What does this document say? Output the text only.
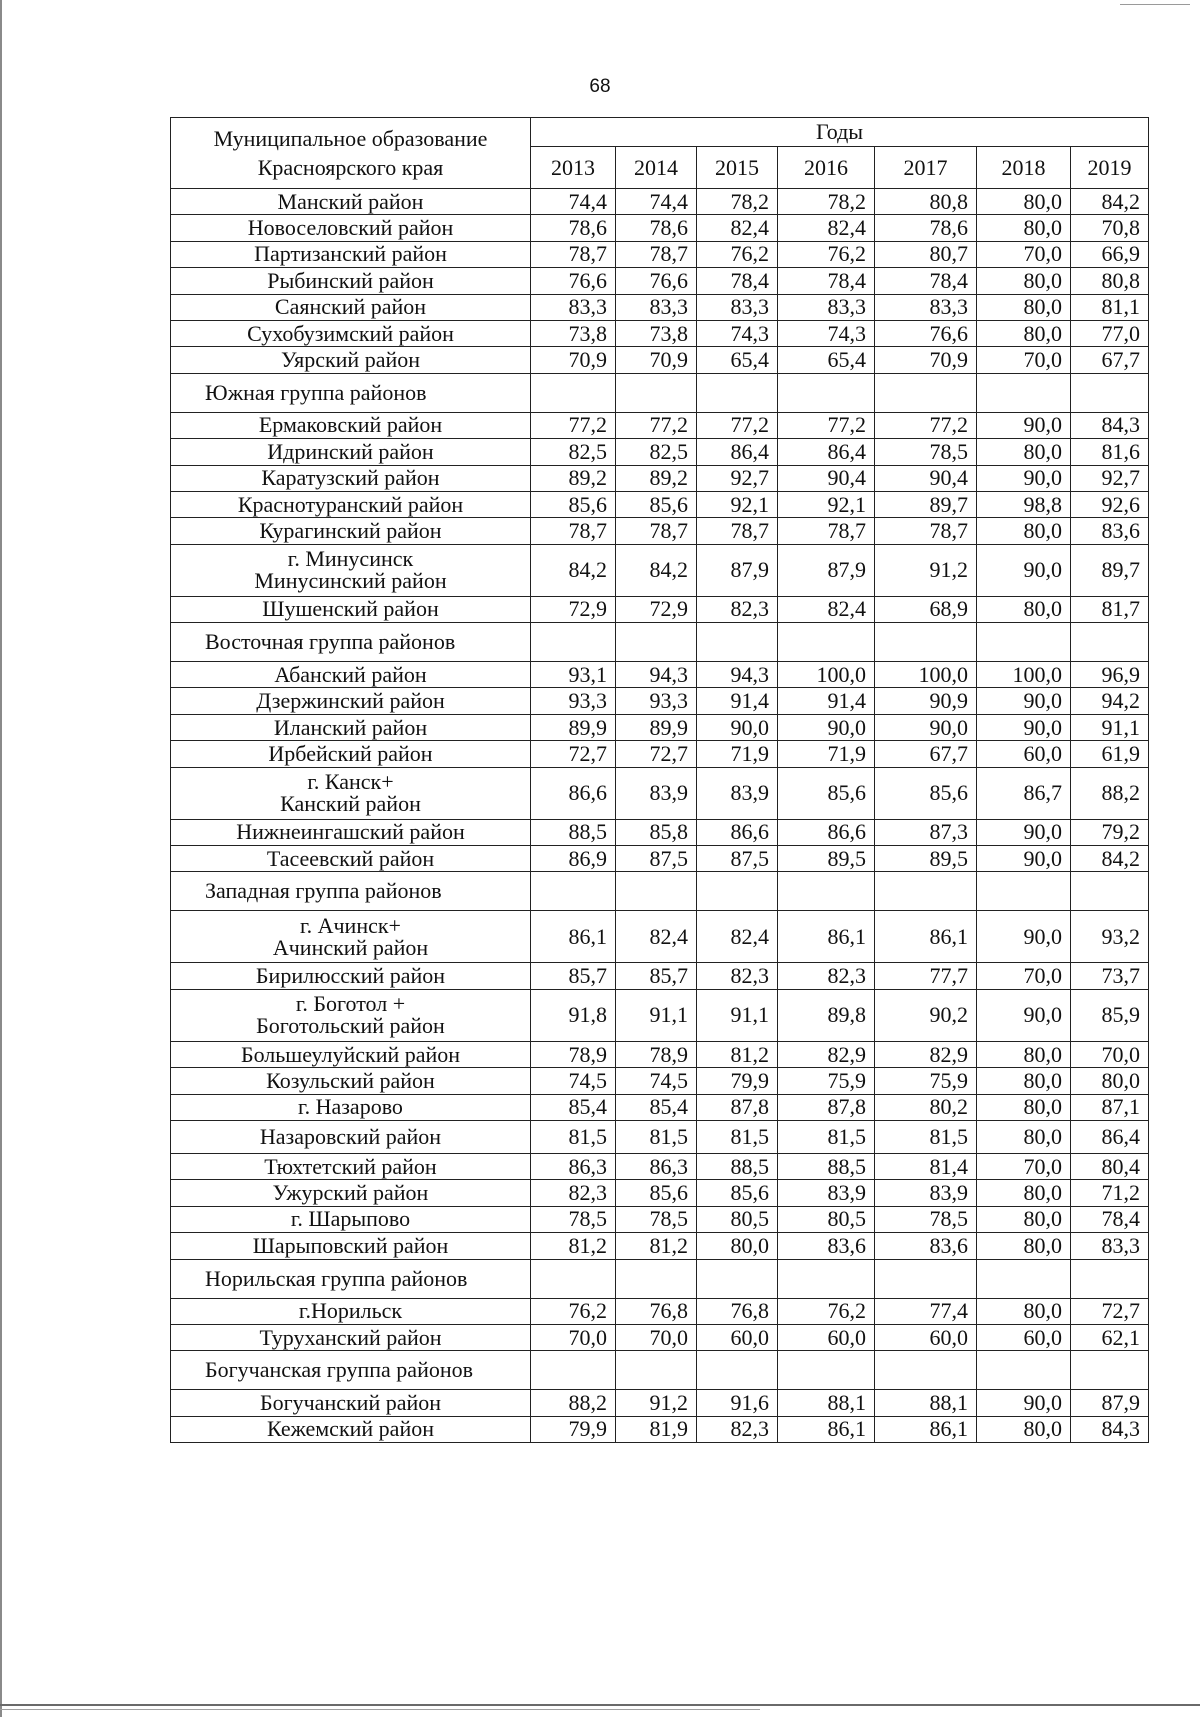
68
Муниципальное образование
Красноярского края	Годы						
	2013	2014	2015	2016	2017	2018	2019

Манский район	74,4	74,4	78,2	78,2	80,8	80,0	84,2

Новоселовский район	78,6	78,6	82,4	82,4	78,6	80,0	70,8

Партизанский район	78,7	78,7	76,2	76,2	80,7	70,0	66,9

Рыбинский район	76,6	76,6	78,4	78,4	78,4	80,0	80,8

Саянский район	83,3	83,3	83,3	83,3	83,3	80,0	81,1

Сухобузимский район	73,8	73,8	74,3	74,3	76,6	80,0	77,0

Уярский район	70,9	70,9	65,4	65,4	70,9	70,0	67,7
Южная группа районов							

Ермаковский район	77,2	77,2	77,2	77,2	77,2	90,0	84,3

Идринский район	82,5	82,5	86,4	86,4	78,5	80,0	81,6

Каратузский район	89,2	89,2	92,7	90,4	90,4	90,0	92,7

Краснотуранский район	85,6	85,6	92,1	92,1	89,7	98,8	92,6

Курагинский район	78,7	78,7	78,7	78,7	78,7	80,0	83,6

г. Минусинск
Минусинский район	84,2	84,2	87,9	87,9	91,2	90,0	89,7

Шушенский район	72,9	72,9	82,3	82,4	68,9	80,0	81,7
Восточная группа районов							

Абанский район	93,1	94,3	94,3	100,0	100,0	100,0	96,9

Дзержинский район	93,3	93,3	91,4	91,4	90,9	90,0	94,2

Иланский район	89,9	89,9	90,0	90,0	90,0	90,0	91,1

Ирбейский район	72,7	72,7	71,9	71,9	67,7	60,0	61,9

г. Канск+
Канский район	86,6	83,9	83,9	85,6	85,6	86,7	88,2

Нижнеингашский район	88,5	85,8	86,6	86,6	87,3	90,0	79,2

Тасеевский район	86,9	87,5	87,5	89,5	89,5	90,0	84,2
Западная группа районов							

г. Ачинск+
Ачинский район	86,1	82,4	82,4	86,1	86,1	90,0	93,2

Бирилюсский район	85,7	85,7	82,3	82,3	77,7	70,0	73,7

г. Боготол +
Боготольский район	91,8	91,1	91,1	89,8	90,2	90,0	85,9

Большеулуйский район	78,9	78,9	81,2	82,9	82,9	80,0	70,0

Козульский район	74,5	74,5	79,9	75,9	75,9	80,0	80,0

г. Назарово	85,4	85,4	87,8	87,8	80,2	80,0	87,1

Назаровский район	81,5	81,5	81,5	81,5	81,5	80,0	86,4

Тюхтетский район	86,3	86,3	88,5	88,5	81,4	70,0	80,4

Ужурский район	82,3	85,6	85,6	83,9	83,9	80,0	71,2

г. Шарыпово	78,5	78,5	80,5	80,5	78,5	80,0	78,4

Шарыповский район	81,2	81,2	80,0	83,6	83,6	80,0	83,3
Норильская группа районов							

г.Норильск	76,2	76,8	76,8	76,2	77,4	80,0	72,7

Туруханский район	70,0	70,0	60,0	60,0	60,0	60,0	62,1
Богучанская группа районов							

Богучанский район	88,2	91,2	91,6	88,1	88,1	90,0	87,9

Кежемский район	79,9	81,9	82,3	86,1	86,1	80,0	84,3
